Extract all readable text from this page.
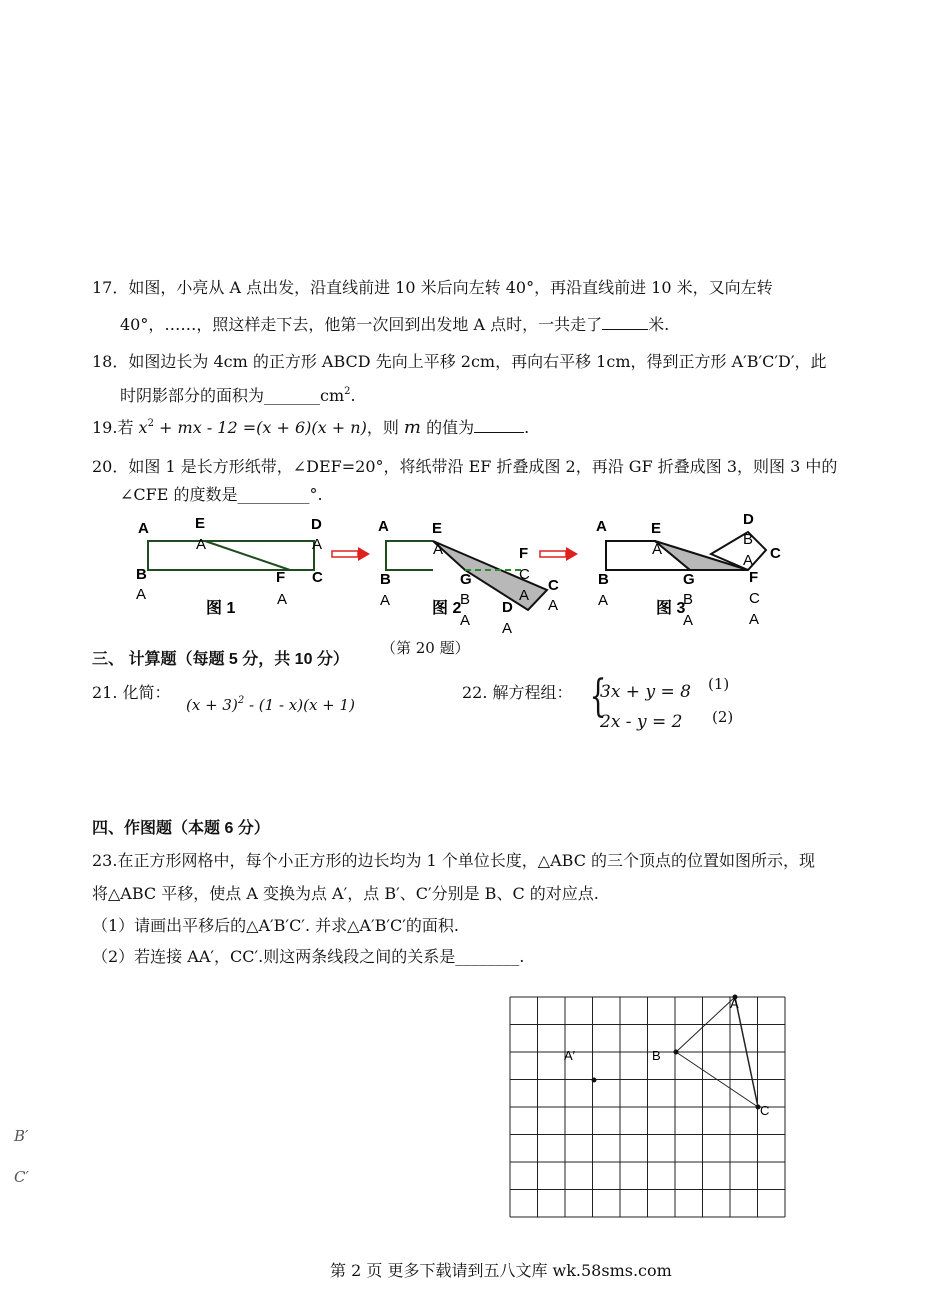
17．如图，小亮从 A 点出发，沿直线前进 10 米后向左转 40°，再沿直线前进 10 米，又向左转
40°，……，照这样走下去，他第一次回到出发地 A 点时，一共走了	米.
18．如图边长为 4cm 的正方形 ABCD 先向上平移 2cm，再向右平移 1cm，得到正方形 A′B′C′D′，此
时阴影部分的面积为$\_\_\_\_\_\_\_cm^2$.
19.若 $x^2$ + mx - 12 =(x + 6)(x + n)，则 m 的值为	.
20．如图 1 是长方形纸带，∠DEF=20°，将纸带沿 EF 折叠成图 2，再沿 GF 折叠成图 3，则图 3 中的
∠CFE 的度数是_________°.
A	E
A
D
A
B
A
F
A
C
图 1
A	E
A	F
C
A
C
A
B
A
G
B
A
D
A
图 2
A	E
A
D
B
A C
B
A
G
B
A
F
C
A
图 3
（第 20 题）
三、 计算题（每题 5 分，共 10 分）
21. 化简：
$(x + 3)^2 - (1 - x)(x + 1)$
22. 解方程组： {
3x + y = 8 (1)
2x - y = 2 (2)
四、作图题（本题 6 分）
23.在正方形网格中，每个小正方形的边长均为 1 个单位长度，△ABC 的三个顶点的位置如图所示，现
将△ABC 平移，使点 A 变换为点 A′，点 B′、C′分别是 B、C 的对应点.
（1）请画出平移后的△A′B′C′. 并求△A′B′C′的面积.
（2）若连接 AA′，CC′.则这两条线段之间的关系是________.
A
B
C
A′
B′
C′
第 2 页 更多下载请到五八文库 wk.58sms.com
